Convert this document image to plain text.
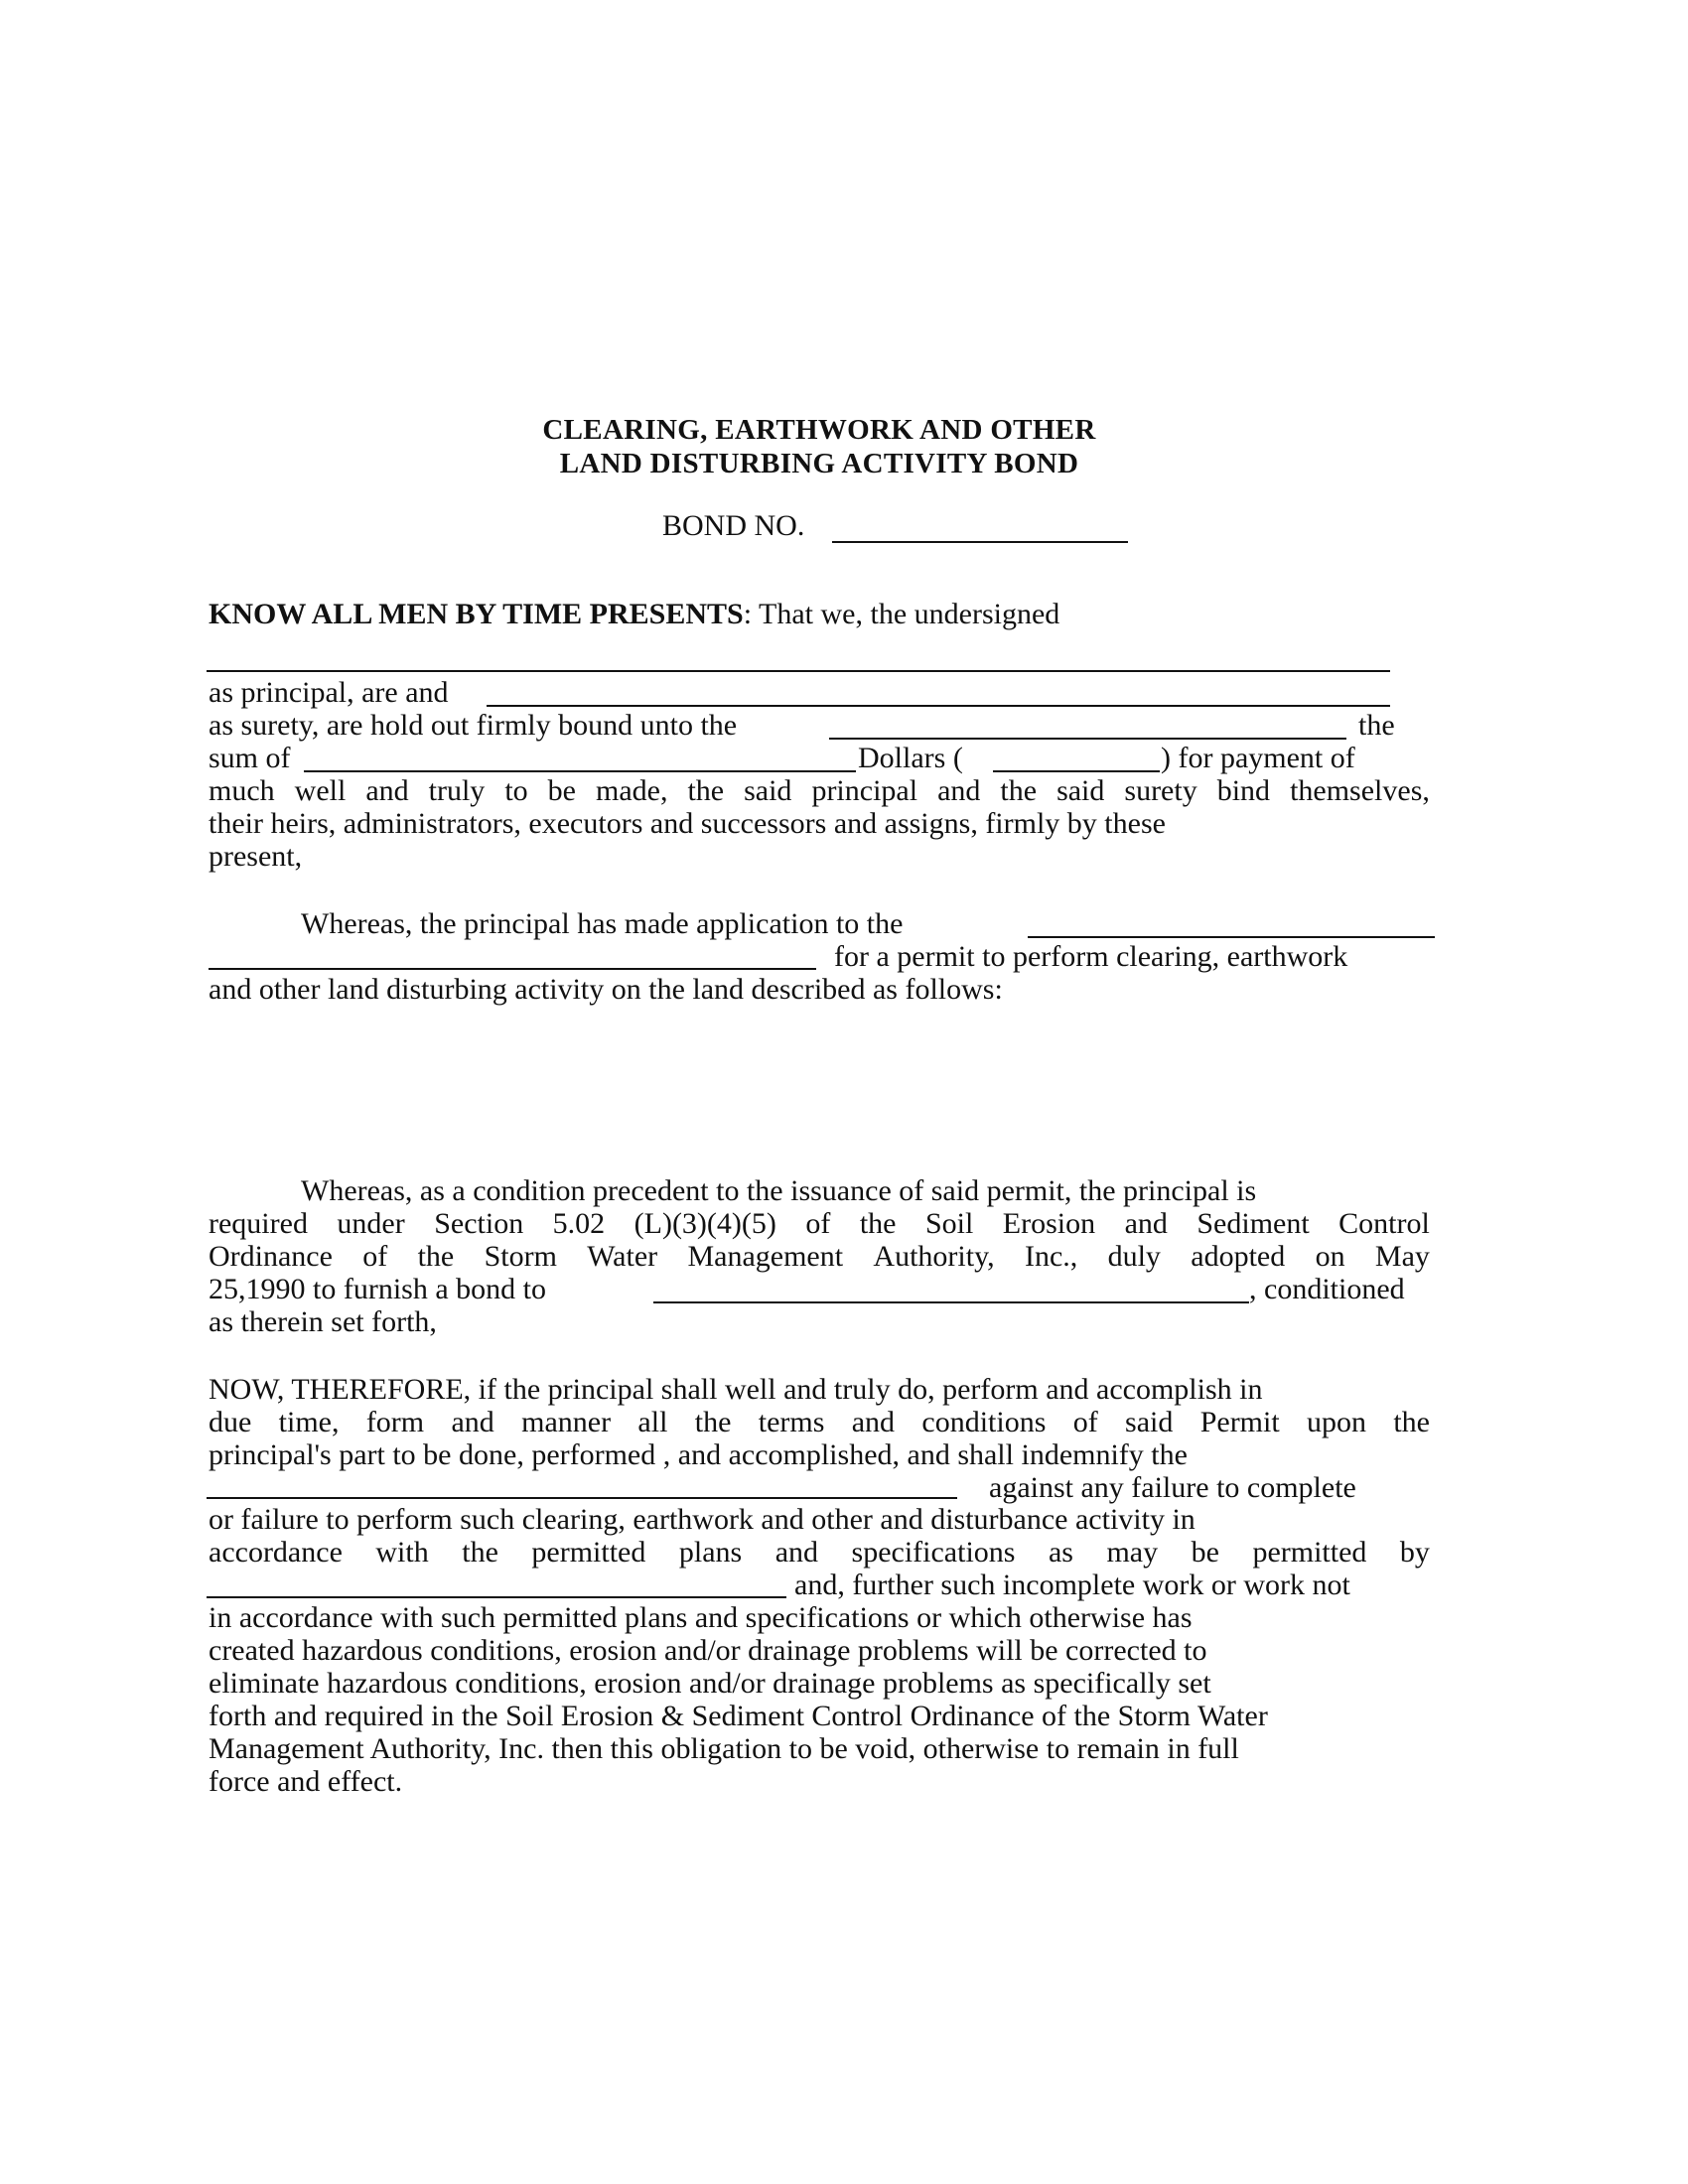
CLEARING, EARTHWORK AND OTHER
LAND DISTURBING ACTIVITY BOND
BOND NO.
KNOW ALL MEN BY TIME PRESENTS: That we, the undersigned
as principal, are and
as surety, are hold out firmly bound unto the	the
sum of	Dollars (	) for payment of
much well and truly to be made, the said principal and the said surety bind themselves,
their heirs, administrators, executors and successors and assigns, firmly by these
present,
Whereas, the principal has made application to the
for a permit to perform clearing, earthwork
and other land disturbing activity on the land described as follows:
Whereas, as a condition precedent to the issuance of said permit, the principal is
required under Section 5.02 (L)(3)(4)(5) of the Soil Erosion and Sediment Control
Ordinance of the Storm Water Management Authority, Inc., duly adopted on May
25,1990 to furnish a bond to	, conditioned
as therein set forth,
NOW, THEREFORE, if the principal shall well and truly do, perform and accomplish in
due time, form and manner all the terms and conditions of said Permit upon the
principal's part to be done, performed , and accomplished, and shall indemnify the
against any failure to complete
or failure to perform such clearing, earthwork and other and disturbance activity in
accordance with the permitted plans and specifications as may be permitted by
and, further such incomplete work or work not
in accordance with such permitted plans and specifications or which otherwise has
created hazardous conditions, erosion and/or drainage problems will be corrected to
eliminate hazardous conditions, erosion and/or drainage problems as specifically set
forth and required in the Soil Erosion & Sediment Control Ordinance of the Storm Water
Management Authority, Inc. then this obligation to be void, otherwise to remain in full
force and effect.
